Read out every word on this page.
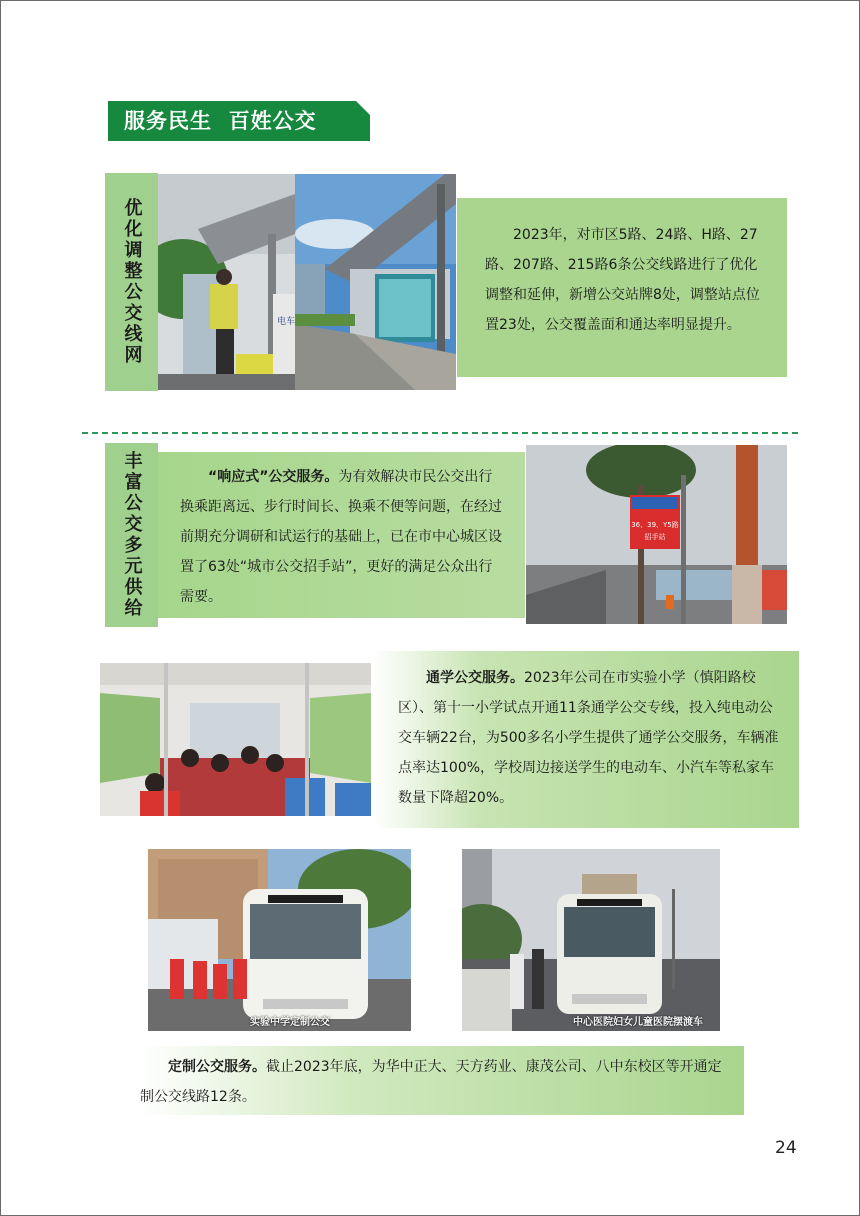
服务民生  百姓公交
优化调整公交线网	电车

2023年，对市区5路、24路、H路、27路、207路、215路6条公交线路进行了优化调整和延伸，新增公交站牌8处，调整站点位置23处，公交覆盖面和通达率明显提升。

丰富公交多元供给	“响应式”公交服务。为有效解决市民公交出行换乘距离远、步行时间长、换乘不便等问题，在经过前期充分调研和试运行的基础上，已在市中心城区设置了63处“城市公交招手站”，更好的满足公众出行需要。

36、39、Y5路
招手站

通学公交服务。2023年公司在市实验小学（慎阳路校区）、第十一小学试点开通11条通学公交专线，投入纯电动公交车辆22台，为500多名小学生提供了通学公交服务，车辆准点率达100%，学校周边接送学生的电动车、小汽车等私家车数量下降超20%。

实验中学定制公交	中心医院妇女儿童医院摆渡车

定制公交服务。截止2023年底，为华中正大、天方药业、康茂公司、八中东校区等开通定制公交线路12条。

24
